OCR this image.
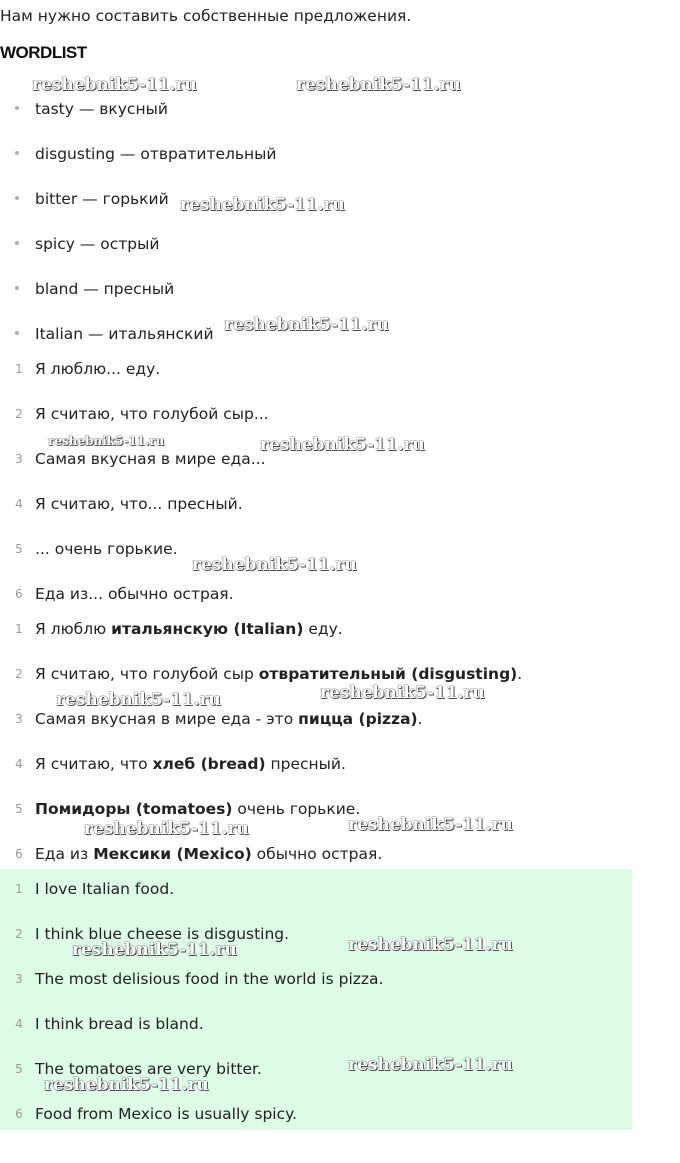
Нам нужно составить собственные предложения.
WORDLIST
tasty — вкусный
disgusting — отвратительный
bitter — горький
spicy — острый
bland — пресный
Italian — итальянский
1 Я люблю... еду.
2 Я считаю, что голубой сыр...
3 Самая вкусная в мире еда...
4 Я считаю, что... пресный.
5 ... очень горькие.
6 Еда из... обычно острая.
1 Я люблю итальянскую (Italian) еду.
2 Я считаю, что голубой сыр отвратительный (disgusting).
3 Самая вкусная в мире еда - это пицца (pizza).
4 Я считаю, что хлеб (bread) пресный.
5 Помидоры (tomatoes) очень горькие.
6 Еда из Мексики (Mexico) обычно острая.
1 I love Italian food.
2 I think blue cheese is disgusting.
3 The most delisious food in the world is pizza.
4 I think bread is bland.
5 The tomatoes are very bitter.
6 Food from Mexico is usually spicy.
reshebnik5-11.ru	reshebnik5-11.ru
reshebnik5-11.ru
reshebnik5-11.ru
reshebnik5-11.ru	reshebnik5-11.ru
reshebnik5-11.ru
reshebnik5-11.ru	reshebnik5-11.ru
reshebnik5-11.ru	reshebnik5-11.ru
reshebnik5-11.ru	reshebnik5-11.ru
reshebnik5-11.ru
reshebnik5-11.ru
